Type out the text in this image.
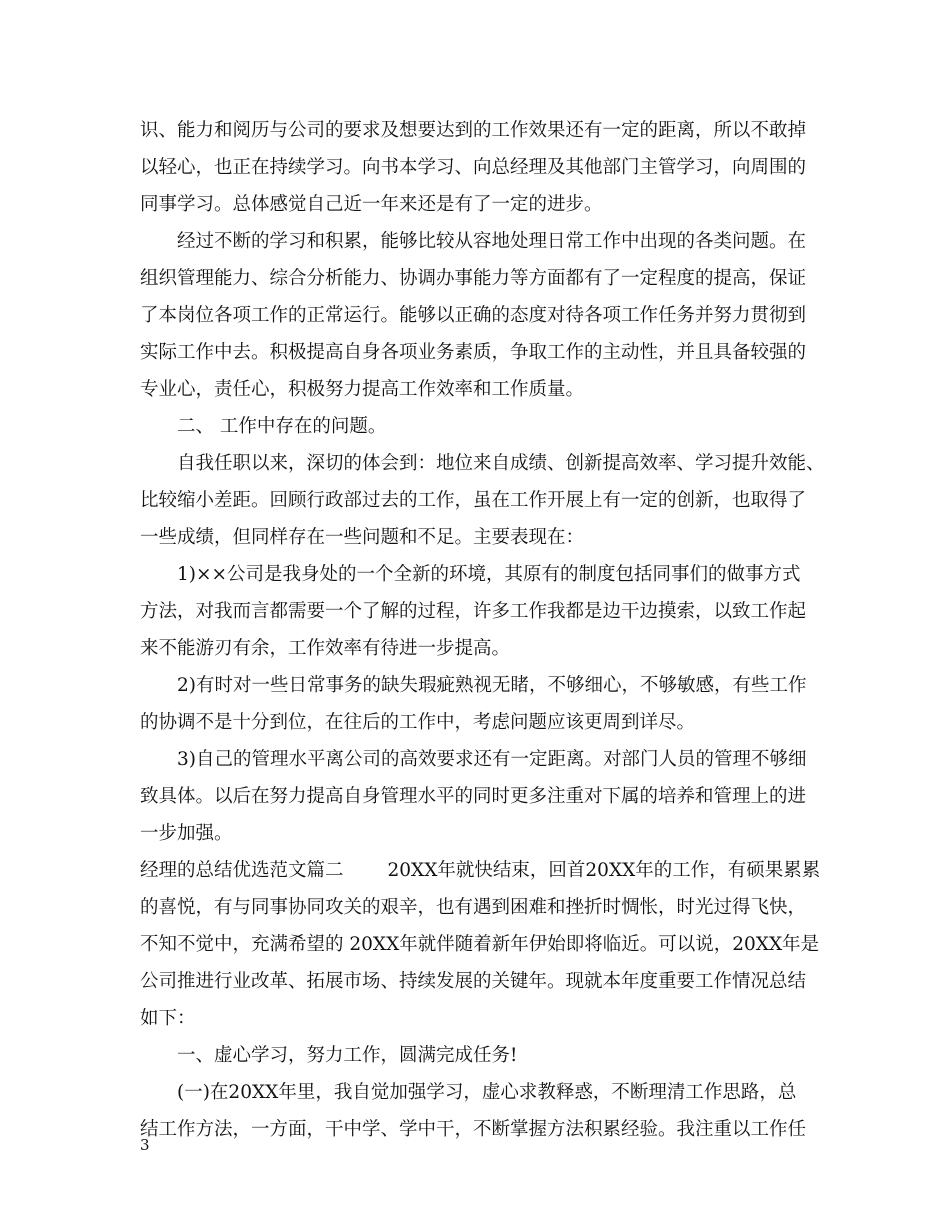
识、能力和阅历与公司的要求及想要达到的工作效果还有一定的距离，所以不敢掉
以轻心，也正在持续学习。向书本学习、向总经理及其他部门主管学习，向周围的
同事学习。总体感觉自己近一年来还是有了一定的进步。
经过不断的学习和积累，能够比较从容地处理日常工作中出现的各类问题。在
组织管理能力、综合分析能力、协调办事能力等方面都有了一定程度的提高，保证
了本岗位各项工作的正常运行。能够以正确的态度对待各项工作任务并努力贯彻到
实际工作中去。积极提高自身各项业务素质，争取工作的主动性，并且具备较强的
专业心，责任心，积极努力提高工作效率和工作质量。
二、 工作中存在的问题。
自我任职以来，深切的体会到：地位来自成绩、创新提高效率、学习提升效能、
比较缩小差距。回顾行政部过去的工作，虽在工作开展上有一定的创新，也取得了
一些成绩，但同样存在一些问题和不足。主要表现在：
1)××公司是我身处的一个全新的环境，其原有的制度包括同事们的做事方式
方法，对我而言都需要一个了解的过程，许多工作我都是边干边摸索，以致工作起
来不能游刃有余，工作效率有待进一步提高。
2)有时对一些日常事务的缺失瑕疵熟视无睹，不够细心，不够敏感，有些工作
的协调不是十分到位，在往后的工作中，考虑问题应该更周到详尽。
3)自己的管理水平离公司的高效要求还有一定距离。对部门人员的管理不够细
致具体。以后在努力提高自身管理水平的同时更多注重对下属的培养和管理上的进
一步加强。
经理的总结优选范文篇二 20XX年就快结束，回首20XX年的工作，有硕果累累
的喜悦，有与同事协同攻关的艰辛，也有遇到困难和挫折时惆怅，时光过得飞快，
不知不觉中，充满希望的 20XX年就伴随着新年伊始即将临近。可以说，20XX年是
公司推进行业改革、拓展市场、持续发展的关键年。现就本年度重要工作情况总结
如下：
一、虚心学习，努力工作，圆满完成任务!
(一)在20XX年里，我自觉加强学习，虚心求教释惑，不断理清工作思路，总
结工作方法，一方面，干中学、学中干，不断掌握方法积累经验。我注重以工作任
3
